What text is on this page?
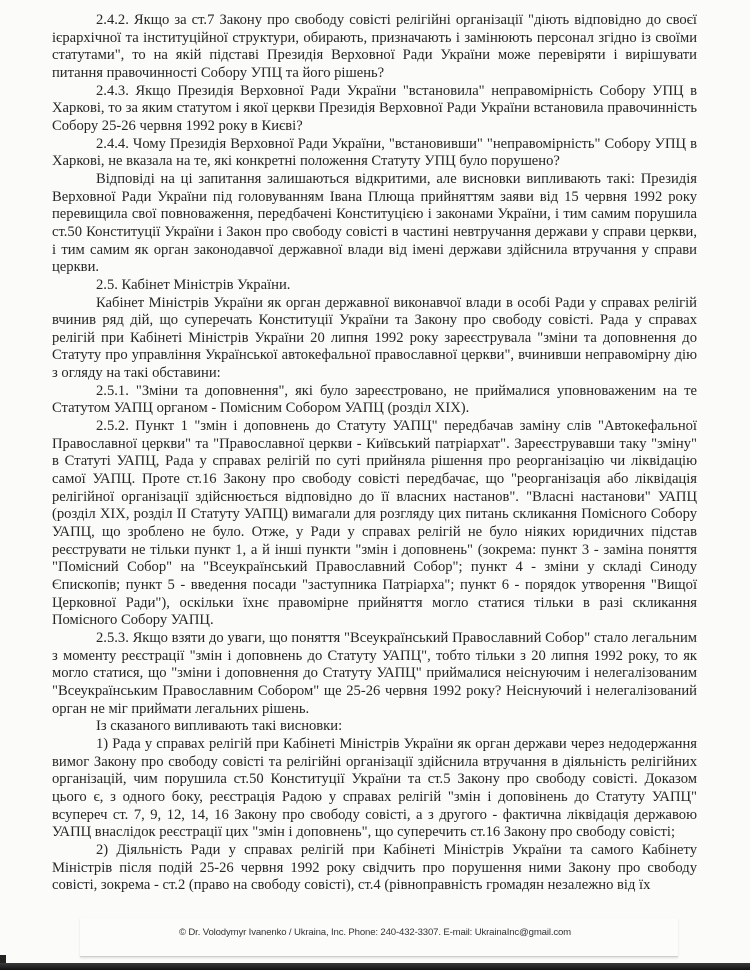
2.4.2. Якщо за ст.7 Закону про свободу совісті релігійні організації "діють відповідно до своєї ієрархічної та інституційної структури, обирають, призначають і замінюють персонал згідно із своїми статутами", то на якій підставі Президія Верховної Ради України може перевіряти і вирішувати питання правочинності Собору УПЦ та його рішень?

2.4.3. Якщо Президія Верховної Ради України "встановила" неправомірність Собору УПЦ в Харкові, то за яким статутом і якої церкви Президія Верховної Ради України встановила правочинність Собору 25-26 червня 1992 року в Києві?

2.4.4. Чому Президія Верховної Ради України, "встановивши" "неправомірність" Собору УПЦ в Харкові, не вказала на те, які конкретні положення Статуту УПЦ було порушено?

Відповіді на ці запитання залишаються відкритими, але висновки випливають такі: Президія Верховної Ради України під головуванням Івана Плюща прийняттям заяви від 15 червня 1992 року перевищила свої повноваження, передбачені Конституцією і законами України, і тим самим порушила ст.50 Конституції України і Закон про свободу совісті в частині невтручання держави у справи церкви, і тим самим як орган законодавчої державної влади від імені держави здійснила втручання у справи церкви.

2.5. Кабінет Міністрів України.

Кабінет Міністрів України як орган державної виконавчої влади в особі Ради у справах релігій вчинив ряд дій, що суперечать Конституції України та Закону про свободу совісті. Рада у справах релігій при Кабінеті Міністрів України 20 липня 1992 року зареєструвала "зміни та доповнення до Статуту про управління Української автокефальної православної церкви", вчинивши неправомірну дію з огляду на такі обставини:

2.5.1. "Зміни та доповнення", які було зареєстровано, не приймалися уповноваженим на те Статутом УАПЦ органом - Помісним Собором УАПЦ (розділ XIX).

2.5.2. Пункт 1 "змін і доповнень до Статуту УАПЦ" передбачав заміну слів "Автокефальної Православної церкви" та "Православної церкви - Київський патріархат". Зареєструвавши таку "зміну" в Статуті УАПЦ, Рада у справах релігій по суті прийняла рішення про реорганізацію чи ліквідацію самої УАПЦ. Проте ст.16 Закону про свободу совісті передбачає, що "реорганізація або ліквідація релігійної організації здійснюється відповідно до її власних настанов". "Власні настанови" УАПЦ (розділ XIX, розділ II Статуту УАПЦ) вимагали для розгляду цих питань скликання Помісного Собору УАПЦ, що зроблено не було. Отже, у Ради у справах релігій не було ніяких юридичних підстав реєструвати не тільки пункт 1, а й інші пункти "змін і доповнень" (зокрема: пункт 3 - заміна поняття "Помісний Собор" на "Всеукраїнський Православний Собор"; пункт 4 - зміни у складі Синоду Єпископів; пункт 5 - введення посади "заступника Патріарха"; пункт 6 - порядок утворення "Вищої Церковної Ради"), оскільки їхнє правомірне прийняття могло статися тільки в разі скликання Помісного Собору УАПЦ.

2.5.3. Якщо взяти до уваги, що поняття "Всеукраїнський Православний Собор" стало легальним з моменту реєстрації "змін і доповнень до Статуту УАПЦ", тобто тільки з 20 липня 1992 року, то як могло статися, що "зміни і доповнення до Статуту УАПЦ" приймалися неіснуючим і нелегалізованим "Всеукраїнським Православним Собором" ще 25-26 червня 1992 року? Неіснуючий і нелегалізований орган не міг приймати легальних рішень.

Із сказаного випливають такі висновки:

1) Рада у справах релігій при Кабінеті Міністрів України як орган держави через недодержання вимог Закону про свободу совісті та релігійні організації здійснила втручання в діяльність релігійних організацій, чим порушила ст.50 Конституції України та ст.5 Закону про свободу совісті. Доказом цього є, з одного боку, реєстрація Радою у справах релігій "змін і доповінень до Статуту УАПЦ" всупереч ст. 7, 9, 12, 14, 16 Закону про свободу совісті, а з другого - фактична ліквідація державою УАПЦ внаслідок реєстрації цих "змін і доповнень", що суперечить ст.16 Закону про свободу совісті;

2) Діяльність Ради у справах релігій при Кабінеті Міністрів України та самого Кабінету Міністрів після подій 25-26 червня 1992 року свідчить про порушення ними Закону про свободу совісті, зокрема - ст.2 (право на свободу совісті), ст.4 (рівноправність громадян незалежно від їх

© Dr. Volodymyr Ivanenko / Ukraina, Inc. Phone: 240-432-3307. E-mail: UkrainaInc@gmail.com
